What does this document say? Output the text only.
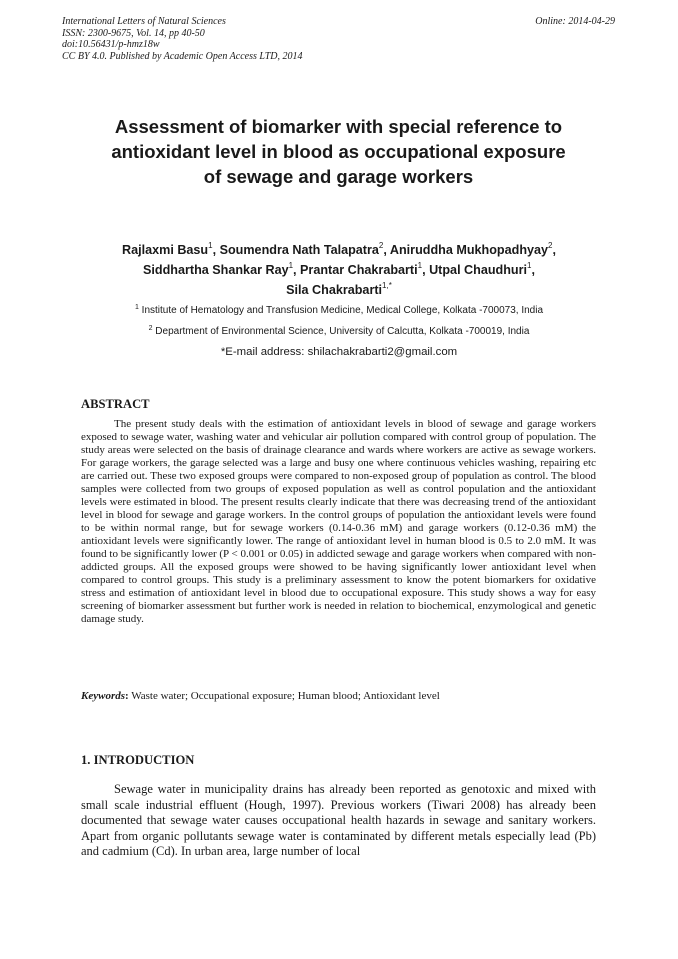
International Letters of Natural Sciences
ISSN: 2300-9675, Vol. 14, pp 40-50
doi:10.56431/p-hmz18w
CC BY 4.0. Published by Academic Open Access LTD, 2014
Online: 2014-04-29
Assessment of biomarker with special reference to
antioxidant level in blood as occupational exposure
of sewage and garage workers
Rajlaxmi Basu$^1$, Soumendra Nath Talapatra$^2$, Aniruddha Mukhopadhyay$^2$,
Siddhartha Shankar Ray$^1$, Prantar Chakrabarti$^1$, Utpal Chaudhuri$^1$,
Sila Chakrabarti$^{1,*}$
$^1$ Institute of Hematology and Transfusion Medicine, Medical College, Kolkata -700073, India
$^2$ Department of Environmental Science, University of Calcutta, Kolkata -700019, India
*E-mail address: shilachakrabarti2@gmail.com
ABSTRACT

The present study deals with the estimation of antioxidant levels in blood of sewage and garage workers exposed to sewage water, washing water and vehicular air pollution compared with control group of population. The study areas were selected on the basis of drainage clearance and wards where workers are active as sewage workers. For garage workers, the garage selected was a large and busy one where continuous vehicles washing, repairing etc are carried out. These two exposed groups were compared to non-exposed group of population as control. The blood samples were collected from two groups of exposed population as well as control population and the antioxidant levels were estimated in blood. The present results clearly indicate that there was decreasing trend of the antioxidant level in blood for sewage and garage workers. In the control groups of population the antioxidant levels were found to be within normal range, but for sewage workers (0.14-0.36 mM) and garage workers (0.12-0.36 mM) the antioxidant levels were significantly lower. The range of antioxidant level in human blood is 0.5 to 2.0 mM. It was found to be significantly lower (P < 0.001 or 0.05) in addicted sewage and garage workers when compared with non-addicted groups. All the exposed groups were showed to be having significantly lower antioxidant level when compared to control groups. This study is a preliminary assessment to know the potent biomarkers for oxidative stress and estimation of antioxidant level in blood due to occupational exposure. This study shows a way for easy screening of biomarker assessment but further work is needed in relation to biochemical, enzymological and genetic damage study.

Keywords: Waste water; Occupational exposure; Human blood; Antioxidant level

1. INTRODUCTION

Sewage water in municipality drains has already been reported as genotoxic and mixed with small scale industrial effluent (Hough, 1997). Previous workers (Tiwari 2008) has already been documented that sewage water causes occupational health hazards in sewage and sanitary workers. Apart from organic pollutants sewage water is contaminated by different metals especially lead (Pb) and cadmium (Cd). In urban area, large number of local
